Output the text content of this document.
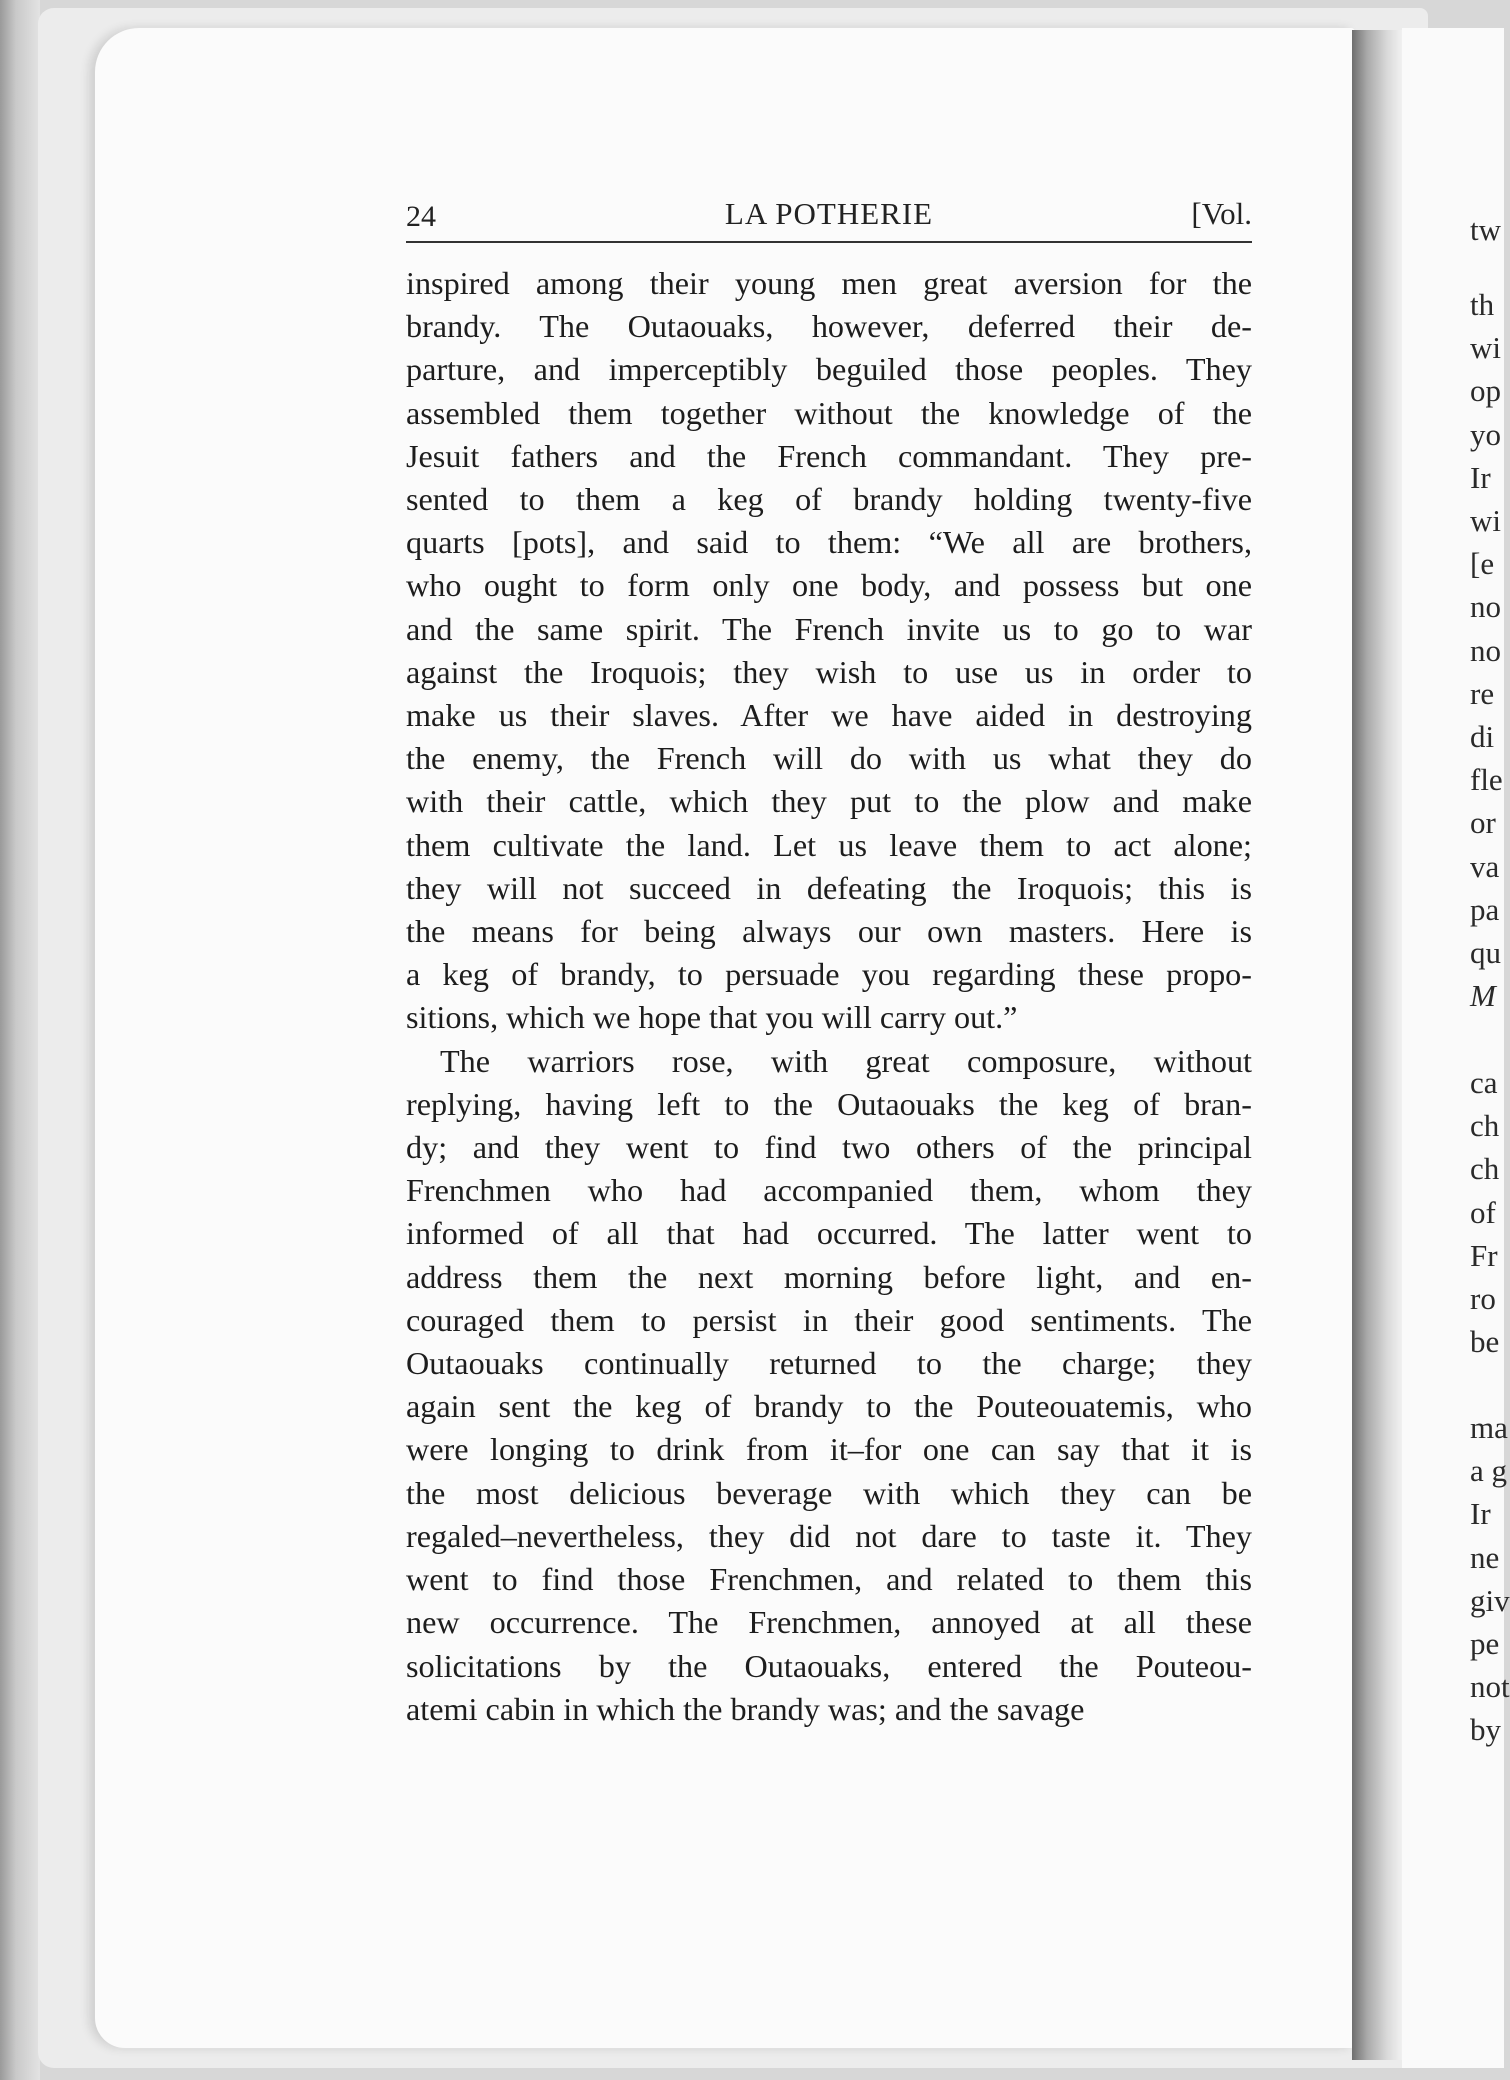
24	LA POTHERIE	[Vol.

inspired among their young men great aversion for the
brandy. The Outaouaks, however, deferred their de-
parture, and imperceptibly beguiled those peoples. They
assembled them together without the knowledge of the
Jesuit fathers and the French commandant. They pre-
sented to them a keg of brandy holding twenty-five
quarts [pots], and said to them: “We all are brothers,
who ought to form only one body, and possess but one
and the same spirit. The French invite us to go to war
against the Iroquois; they wish to use us in order to
make us their slaves. After we have aided in destroying
the enemy, the French will do with us what they do
with their cattle, which they put to the plow and make
them cultivate the land. Let us leave them to act alone;
they will not succeed in defeating the Iroquois; this is
the means for being always our own masters. Here is
a keg of brandy, to persuade you regarding these propo-
sitions, which we hope that you will carry out.”

The warriors rose, with great composure, without
replying, having left to the Outaouaks the keg of bran-
dy; and they went to find two others of the principal
Frenchmen who had accompanied them, whom they
informed of all that had occurred. The latter went to
address them the next morning before light, and en-
couraged them to persist in their good sentiments. The
Outaouaks continually returned to the charge; they
again sent the keg of brandy to the Pouteouatemis, who
were longing to drink from it–for one can say that it is
the most delicious beverage with which they can be
regaled–nevertheless, they did not dare to taste it. They
went to find those Frenchmen, and related to them this
new occurrence. The Frenchmen, annoyed at all these
solicitations by the Outaouaks, entered the Pouteou-
atemi cabin in which the brandy was; and the savage

tw
th
wi
op
yo
Ir
wi
[e
no
no
re
di
fle
or
va
pa
qu
M
ca
ch
ch
of
Fr
ro
be
ma
a g
Ir
ne
giv
pe
not
by
